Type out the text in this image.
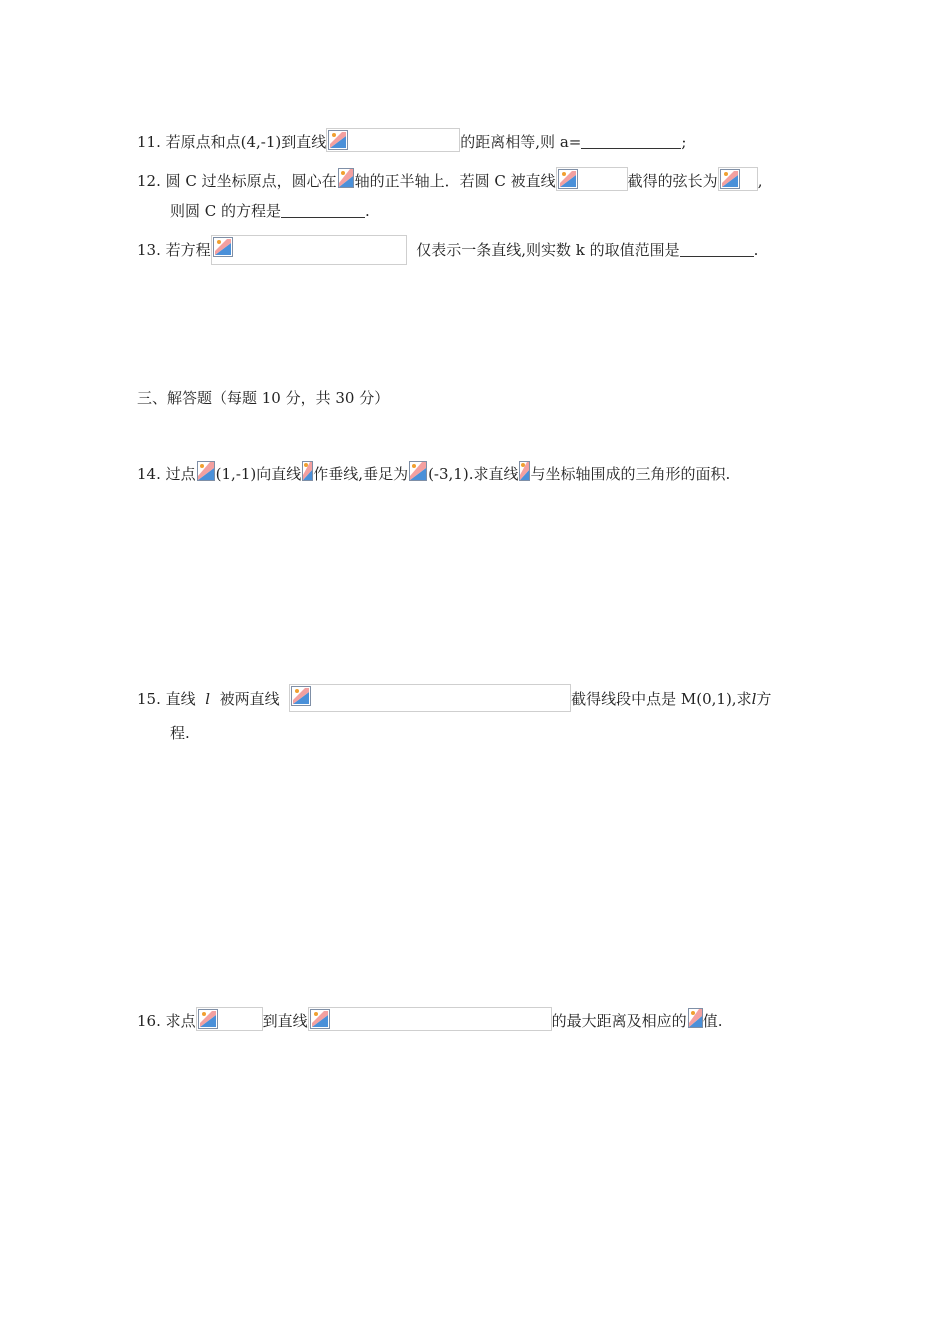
11. 若原点和点(4,-1)到直线	的距离相等,则 a=	;
12. 圆 C 过坐标原点，圆心在 轴的正半轴上．若圆 C 被直线	截得的弦长为	,
则圆 C 的方程是	.
13. 若方程	仅表示一条直线,则实数 k 的取值范围是	.
三、解答题（每题 10 分，共 30 分）
14. 过点 (1,-1)向直线 作垂线,垂足为 (-3,1).求直线 与坐标轴围成的三角形的面积.
15. 直线 l 被两直线	截得线段中点是 M(0,1),求l方
程.
16. 求点	到直线	的最大距离及相应的 值.
